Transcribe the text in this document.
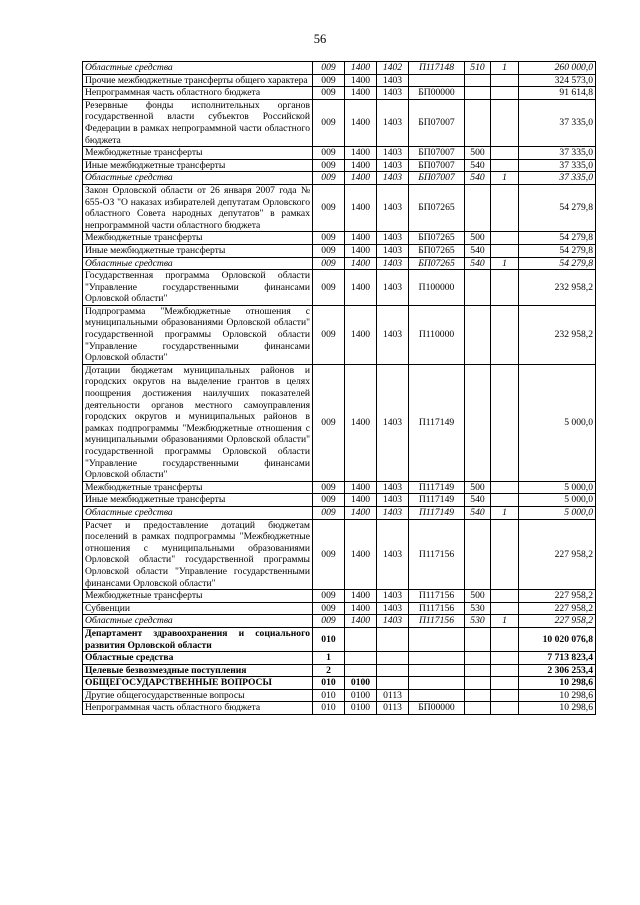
56
Областные средства	009	1400	1402	П117148	510	1	260 000,0
Прочие межбюджетные трансферты общего характера	009	1400	1403				324 573,0
Непрограммная часть областного бюджета	009	1400	1403	БП00000			91 614,8
Резервные фонды исполнительных органов государственной власти субъектов Российской Федерации в рамках непрограммной части областного бюджета	009	1400	1403	БП07007			37 335,0
Межбюджетные трансферты	009	1400	1403	БП07007	500		37 335,0
Иные межбюджетные трансферты	009	1400	1403	БП07007	540		37 335,0
Областные средства	009	1400	1403	БП07007	540	1	37 335,0
Закон Орловской области от 26 января 2007 года № 655-ОЗ "О наказах избирателей депутатам Орловского областного Совета народных депутатов" в рамках непрограммной части областного бюджета	009	1400	1403	БП07265			54 279,8
Межбюджетные трансферты	009	1400	1403	БП07265	500		54 279,8
Иные межбюджетные трансферты	009	1400	1403	БП07265	540		54 279,8
Областные средства	009	1400	1403	БП07265	540	1	54 279,8
Государственная программа Орловской области "Управление государственными финансами Орловской области"	009	1400	1403	П100000			232 958,2
Подпрограмма "Межбюджетные отношения с муниципальными образованиями Орловской области" государственной программы Орловской области "Управление государственными финансами Орловской области"	009	1400	1403	П110000			232 958,2
Дотации бюджетам муниципальных районов и городских округов на выделение грантов в целях поощрения достижения наилучших показателей деятельности органов местного самоуправления городских округов и муниципальных районов в рамках подпрограммы "Межбюджетные отношения с муниципальными образованиями Орловской области" государственной программы Орловской области "Управление государственными финансами Орловской области"	009	1400	1403	П117149			5 000,0
Межбюджетные трансферты	009	1400	1403	П117149	500		5 000,0
Иные межбюджетные трансферты	009	1400	1403	П117149	540		5 000,0
Областные средства	009	1400	1403	П117149	540	1	5 000,0
Расчет и предоставление дотаций бюджетам поселений в рамках подпрограммы "Межбюджетные отношения с муниципальными образованиями Орловской области" государственной программы Орловской области "Управление государственными финансами Орловской области"	009	1400	1403	П117156			227 958,2
Межбюджетные трансферты	009	1400	1403	П117156	500		227 958,2
Субвенции	009	1400	1403	П117156	530		227 958,2
Областные средства	009	1400	1403	П117156	530	1	227 958,2
Департамент здравоохранения и социального развития Орловской области	010						10 020 076,8
Областные средства	1						7 713 823,4
Целевые безвозмездные поступления	2						2 306 253,4
ОБЩЕГОСУДАРСТВЕННЫЕ ВОПРОСЫ	010	0100					10 298,6
Другие общегосударственные вопросы	010	0100	0113				10 298,6
Непрограммная часть областного бюджета	010	0100	0113	БП00000			10 298,6
